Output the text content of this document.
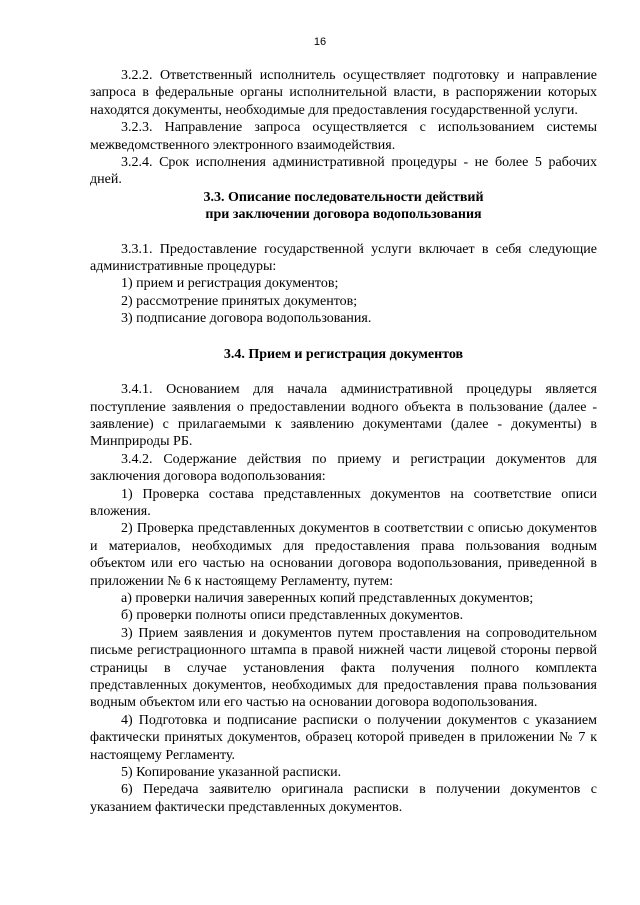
16

3.2.2. Ответственный исполнитель осуществляет подготовку и направление запроса в федеральные органы исполнительной власти, в распоряжении которых находятся документы, необходимые для предоставления государственной услуги.

3.2.3. Направление запроса осуществляется с использованием системы межведомственного электронного взаимодействия.

3.2.4. Срок исполнения административной процедуры - не более 5 рабочих дней.

3.3. Описание последовательности действий
при заключении договора водопользования

3.3.1. Предоставление государственной услуги включает в себя следующие административные процедуры:

1) прием и регистрация документов;

2) рассмотрение принятых документов;

3) подписание договора водопользования.

3.4. Прием и регистрация документов

3.4.1. Основанием для начала административной процедуры является поступление заявления о предоставлении водного объекта в пользование (далее - заявление) с прилагаемыми к заявлению документами (далее - документы) в Минприроды РБ.

3.4.2. Содержание действия по приему и регистрации документов для заключения договора водопользования:

1) Проверка состава представленных документов на соответствие описи вложения.

2) Проверка представленных документов в соответствии с описью документов и материалов, необходимых для предоставления права пользования водным объектом или его частью на основании договора водопользования, приведенной в приложении № 6 к настоящему Регламенту, путем:

а) проверки наличия заверенных копий представленных документов;

б) проверки полноты описи представленных документов.

3) Прием заявления и документов путем проставления на сопроводительном письме регистрационного штампа в правой нижней части лицевой стороны первой страницы в случае установления факта получения полного комплекта представленных документов, необходимых для предоставления права пользования водным объектом или его частью на основании договора водопользования.

4) Подготовка и подписание расписки о получении документов с указанием фактически принятых документов, образец которой приведен в приложении № 7 к настоящему Регламенту.

5) Копирование указанной расписки.

6) Передача заявителю оригинала расписки в получении документов с указанием фактически представленных документов.
